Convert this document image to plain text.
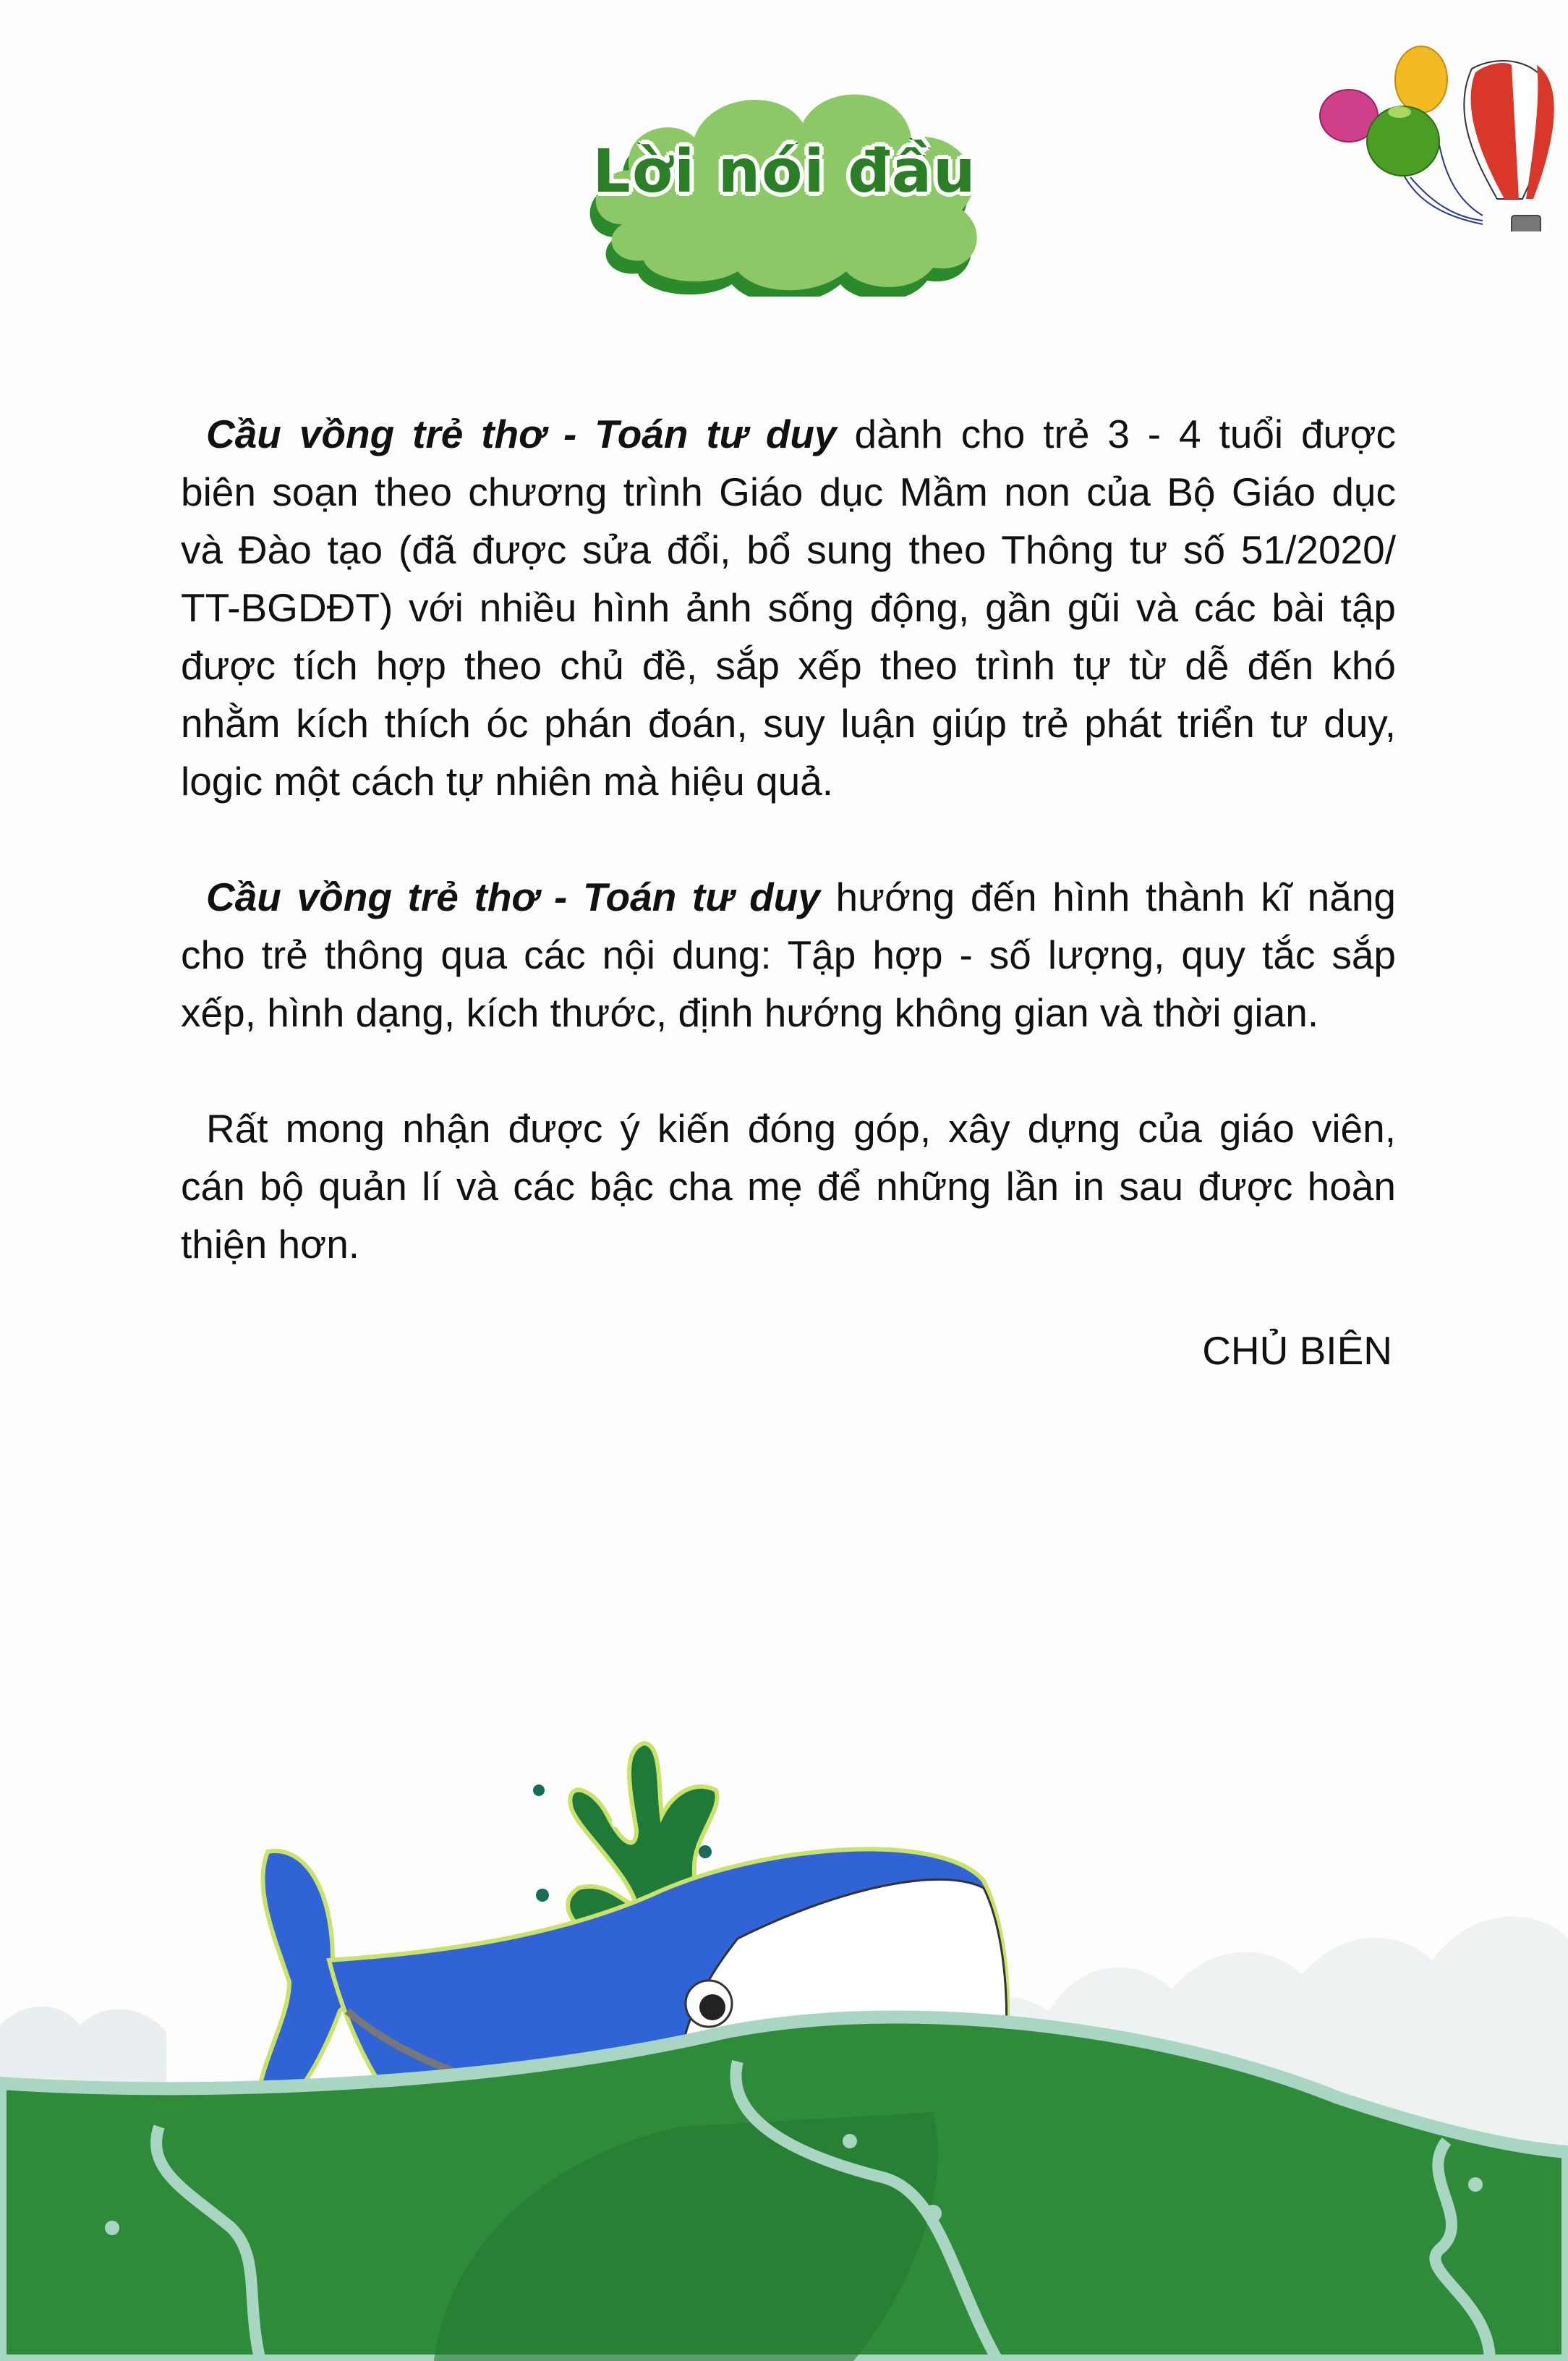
Lời nói đầu
Cầu vồng trẻ thơ - Toán tư duy dành cho trẻ 3 - 4 tuổi được
biên soạn theo chương trình Giáo dục Mầm non của Bộ Giáo dục
và Đào tạo (đã được sửa đổi, bổ sung theo Thông tư số 51/2020/
TT-BGDĐT) với nhiều hình ảnh sống động, gần gũi và các bài tập
được tích hợp theo chủ đề, sắp xếp theo trình tự từ dễ đến khó
nhằm kích thích óc phán đoán, suy luận giúp trẻ phát triển tư duy,
logic một cách tự nhiên mà hiệu quả.
Cầu vồng trẻ thơ - Toán tư duy hướng đến hình thành kĩ năng
cho trẻ thông qua các nội dung: Tập hợp - số lượng, quy tắc sắp
xếp, hình dạng, kích thước, định hướng không gian và thời gian.
Rất mong nhận được ý kiến đóng góp, xây dựng của giáo viên,
cán bộ quản lí và các bậc cha mẹ để những lần in sau được hoàn
thiện hơn.
CHỦ BIÊN
